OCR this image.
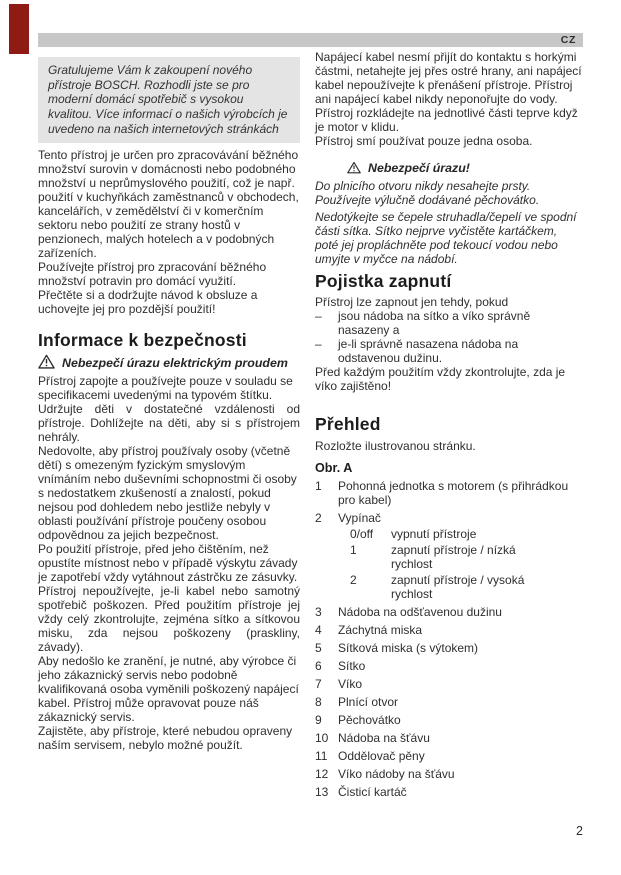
CZ

Gratulujeme Vám k zakoupení nového přístroje BOSCH. Rozhodli jste se pro moderní domácí spotřebič s vysokou kvalitou. Více informací o našich výrobcích je uvedeno na našich internetových stránkách

Tento přístroj je určen pro zpracovávání běžného množství surovin v domácnosti nebo podobného množství u neprůmyslového použití, což je např. použití v kuchyňkách zaměstnanců v obchodech, kancelářích, v zemědělství či v komerčním sektoru nebo použití ze strany hostů v penzionech, malých hotelech a v podobných zařízeních.

Používejte přístroj pro zpracování běžného množství potravin pro domácí využití.

Přečtěte si a dodržujte návod k obsluze a uchovejte jej pro pozdější použití!

Informace k bezpečnosti

Nebezpečí úrazu elektrickým proudem

Přístroj zapojte a používejte pouze v souladu se specifikacemi uvedenými na typovém štítku.

Udržujte děti v dostatečné vzdálenosti od přístroje. Dohlížejte na děti, aby si s přístrojem nehrály.

Nedovolte, aby přístroj používaly osoby (včetně dětí) s omezeným fyzickým smyslovým vnímáním nebo duševními schopnostmi či osoby s nedostatkem zkušeností a znalostí, pokud nejsou pod dohledem nebo jestliže nebyly v oblasti používání přístroje poučeny osobou odpovědnou za jejich bezpečnost.

Po použití přístroje, před jeho čištěním, než opustíte místnost nebo v případě výskytu závady je zapotřebí vždy vytáhnout zástrčku ze zásuvky.

Přístroj nepoužívejte, je-li kabel nebo samotný spotřebič poškozen. Před použitím přístroje jej vždy celý zkontrolujte, zejména sítko a sítkovou misku, zda nejsou poškozeny (praskliny, závady).

Aby nedošlo ke zranění, je nutné, aby výrobce či jeho zákaznický servis nebo podobně kvalifikovaná osoba vyměnili poškozený napájecí kabel. Přístroj může opravovat pouze náš zákaznický servis.

Zajistěte, aby přístroje, které nebudou opraveny naším servisem, nebylo možné použít.

Napájecí kabel nesmí přijít do kontaktu s horkými částmi, netahejte jej přes ostré hrany, ani napájecí kabel nepoužívejte k přenášení přístroje. Přístroj ani napájecí kabel nikdy neponořujte do vody.

Přístroj rozkládejte na jednotlivé části teprve když je motor v klidu.

Přístroj smí používat pouze jedna osoba.

Nebezpečí úrazu!

Do plnicího otvoru nikdy nesahejte prsty. Používejte výlučně dodávané pěchovátko.

Nedotýkejte se čepele struhadla/čepelí ve spodní části sítka. Sítko nejprve vyčistěte kartáčkem, poté jej propláchněte pod tekoucí vodou nebo umyjte v myčce na nádobí.

Pojistka zapnutí

Přístroj lze zapnout jen tehdy, pokud

–	jsou nádoba na sítko a víko správně nasazeny a
–	je-li správně nasazena nádoba na odstavenou dužinu.

Před každým použitím vždy zkontrolujte, zda je víko zajištěno!

Přehled

Rozložte ilustrovanou stránku.

Obr. A

1	Pohonná jednotka s motorem (s přihrádkou pro kabel)
2	Vypínač
0/off	vypnutí přístroje
1	zapnutí přístroje / nízká rychlost
2	zapnutí přístroje / vysoká rychlost
3	Nádoba na odšťavenou dužinu
4	Záchytná miska
5	Sítková miska (s výtokem)
6	Sítko
7	Víko
8	Plnící otvor
9	Pěchovátko
10 Nádoba na šťávu
11 Oddělovač pěny
12 Víko nádoby na šťávu
13 Čisticí kartáč
2
